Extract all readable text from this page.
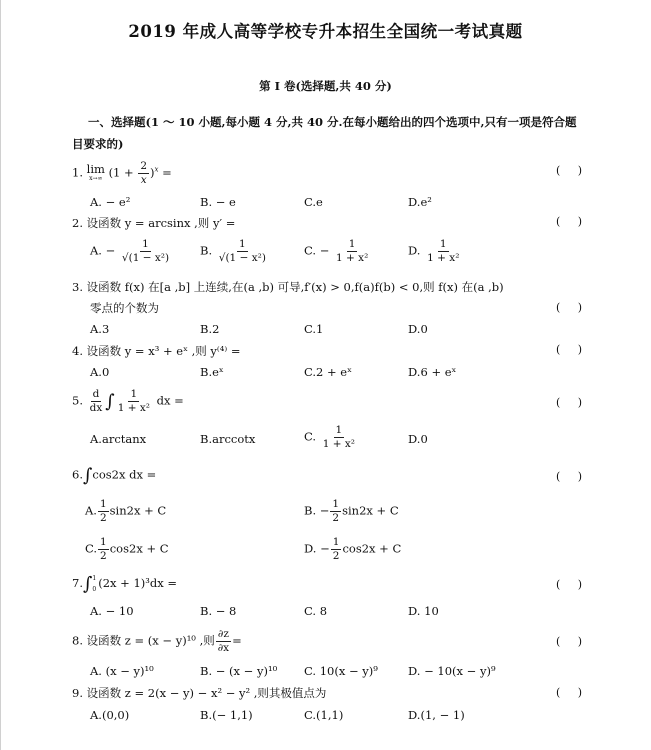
2019 年成人高等学校专升本招生全国统一考试真题
第 Ⅰ 卷(选择题,共 40 分)
一、选择题(1 ～ 10 小题,每小题 4 分,共 40 分.在每小题给出的四个选项中,只有一项是符合题目要求的)
1. lim
x→∞ $(1 + \frac{2}{x} )^x$ =	( )
A. − e²	B. − e	C.e	D.e²
2. 设函数 y = arcsinx ,则 y′ =	( )
A. − $\frac{1}{\text{√(1 − x²)}}$	B. $\frac{1}{\text{√(1 − x²)}}$	C. − $\frac{1}{\text{1 + x²}}$	D. $\frac{1}{\text{1 + x²}}$
3. 设函数 f(x) 在[a ,b] 上连续,在(a ,b) 可导,f′(x) > 0,f(a)f(b) < 0,则 f(x) 在(a ,b)
零点的个数为	( )
A.3	B.2	C.1	D.0
4. 设函数 y = x³ + eˣ ,则 y⁽⁴⁾ =	( )
A.0	B.eˣ	C.2 + eˣ	D.6 + eˣ
5. $\frac{d}{dx}$ ∫ $\frac{1}{\text{1 + x²}}$ dx =	( )
A.arctanx	B.arccotx	C. $\frac{1}{\text{1 + x²}}$	D.0
6.∫cos2x dx =	( )
A. $\frac{1}{2} \sin 2x + C$	B. − $\frac{1}{2} \sin 2x + C$
C. $\frac{1}{2} \cos 2x + C$	D. − $\frac{1}{2} \cos 2x + C$
7.∫ 1
0 (2x + 1)³dx =	( )
A. − 10	B. − 8	C. 8	D. 10
8. 设函数 z = (x − y)¹⁰ ,则 $\frac{\partial z}{\partial x}$ =	( )
A. (x − y)¹⁰	B. − (x − y)¹⁰ C. 10(x − y)⁹	D. − 10(x − y)⁹
9. 设函数 z = 2(x − y) − x² − y² ,则其极值点为	( )
A.(0,0)	B.(− 1,1)	C.(1,1)	D.(1, − 1)
